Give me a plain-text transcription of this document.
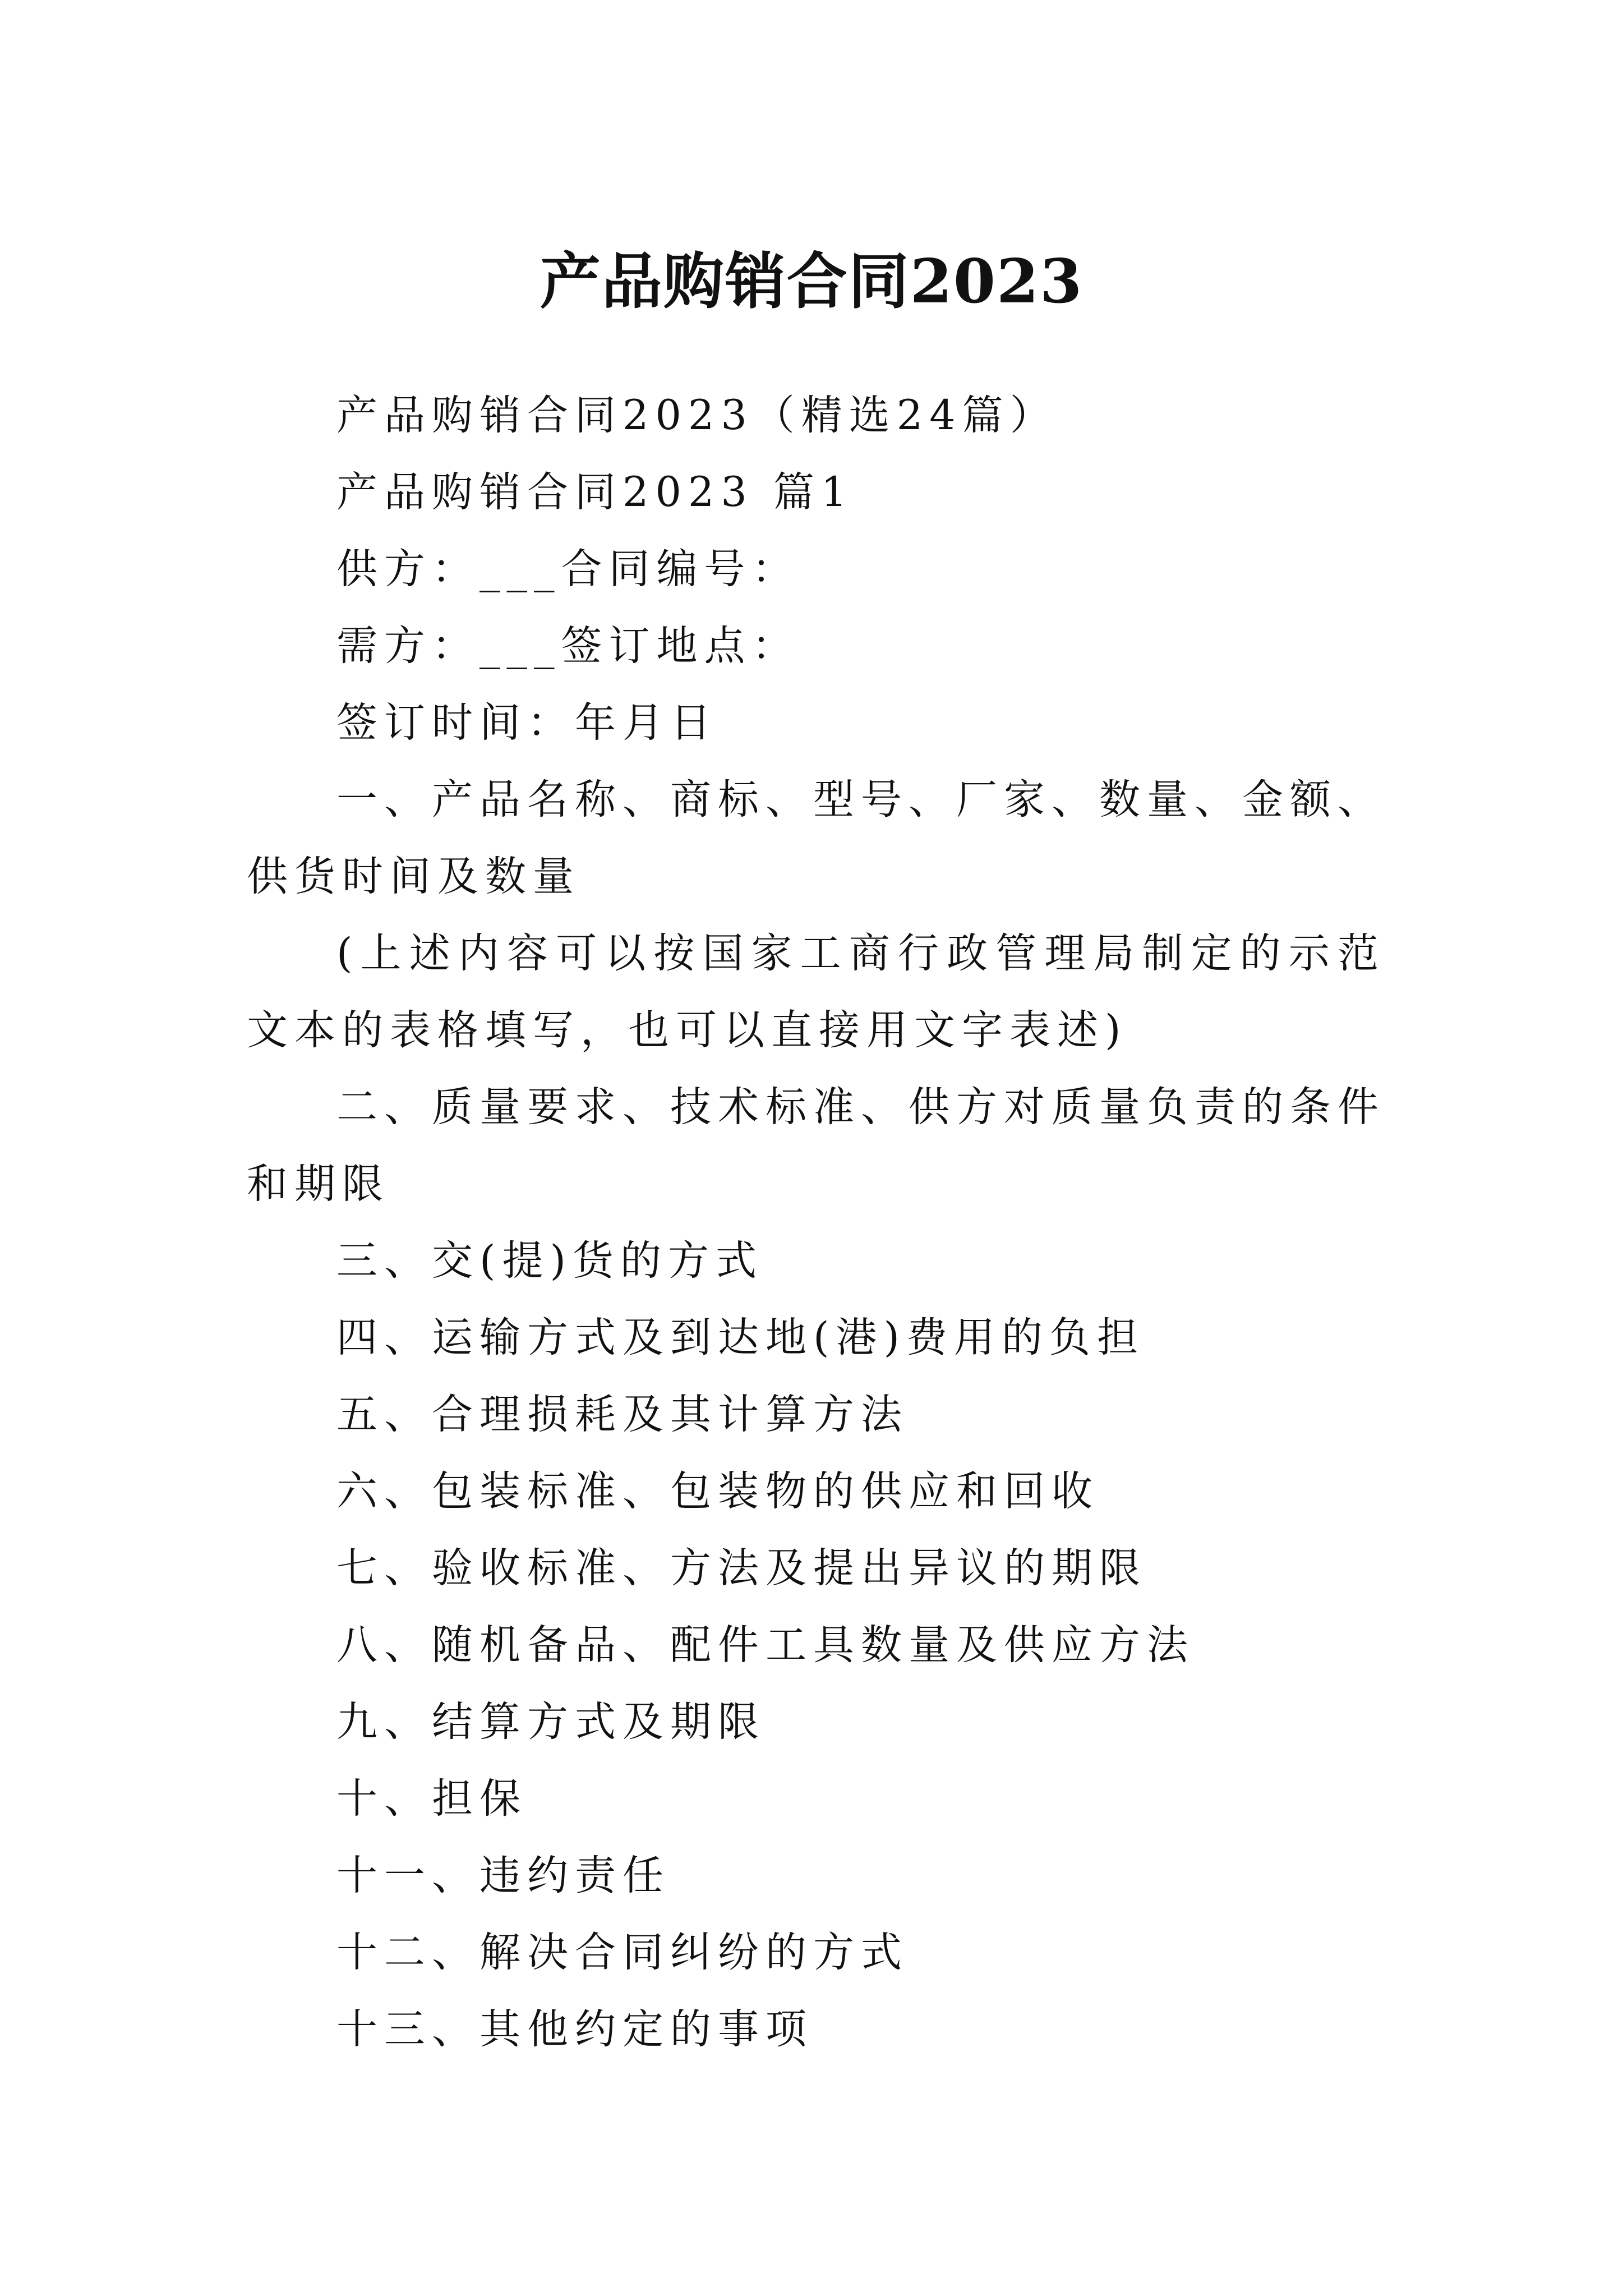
产品购销合同2023

产品购销合同2023（精选24篇）

产品购销合同2023 篇1

供方：___合同编号：

需方：___签订地点：

签订时间：年月日

一、产品名称、商标、型号、厂家、数量、金额、供货时间及数量

(上述内容可以按国家工商行政管理局制定的示范文本的表格填写，也可以直接用文字表述)

二、质量要求、技术标准、供方对质量负责的条件和期限

三、交(提)货的方式

四、运输方式及到达地(港)费用的负担

五、合理损耗及其计算方法

六、包装标准、包装物的供应和回收

七、验收标准、方法及提出异议的期限

八、随机备品、配件工具数量及供应方法

九、结算方式及期限

十、担保

十一、违约责任

十二、解决合同纠纷的方式

十三、其他约定的事项
